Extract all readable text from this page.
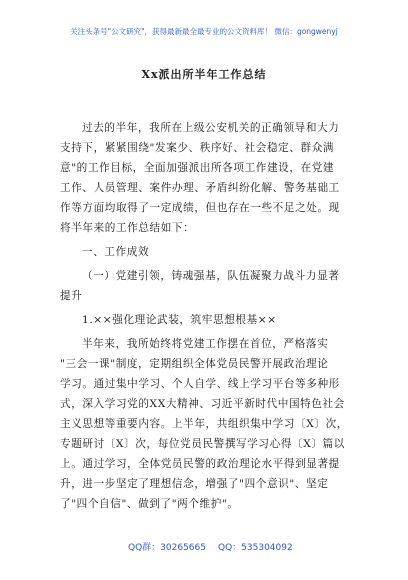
关注头条号"公文研究"，获得最新最全最专业的公文资料库！ 微信：gongwenyj
Xx派出所半年工作总结
过去的半年，我所在上级公安机关的正确领导和大力
支持下，紧紧围绕"发案少、秩序好、社会稳定、群众满
意"的工作目标，全面加强派出所各项工作建设，在党建
工作、人员管理、案件办理、矛盾纠纷化解、警务基础工
作等方面均取得了一定成绩，但也存在一些不足之处。现
将半年来的工作总结如下：
一、工作成效
（一）党建引领，铸魂强基，队伍凝聚力战斗力显著
提升
1.××强化理论武装，筑牢思想根基××
半年来，我所始终将党建工作摆在首位，严格落实
"三会一课"制度，定期组织全体党员民警开展政治理论
学习。通过集中学习、个人自学、线上学习平台等多种形
式，深入学习党的XX大精神、习近平新时代中国特色社会
主义思想等重要内容。上半年，共组织集中学习〔X〕次，
专题研讨〔X〕次，每位党员民警撰写学习心得〔X〕篇以
上。通过学习，全体党员民警的政治理论水平得到显著提
升，进一步坚定了理想信念，增强了"四个意识"、坚定
了"四个自信"、做到了"两个维护"。
QQ群：30265665 QQ：535304092
